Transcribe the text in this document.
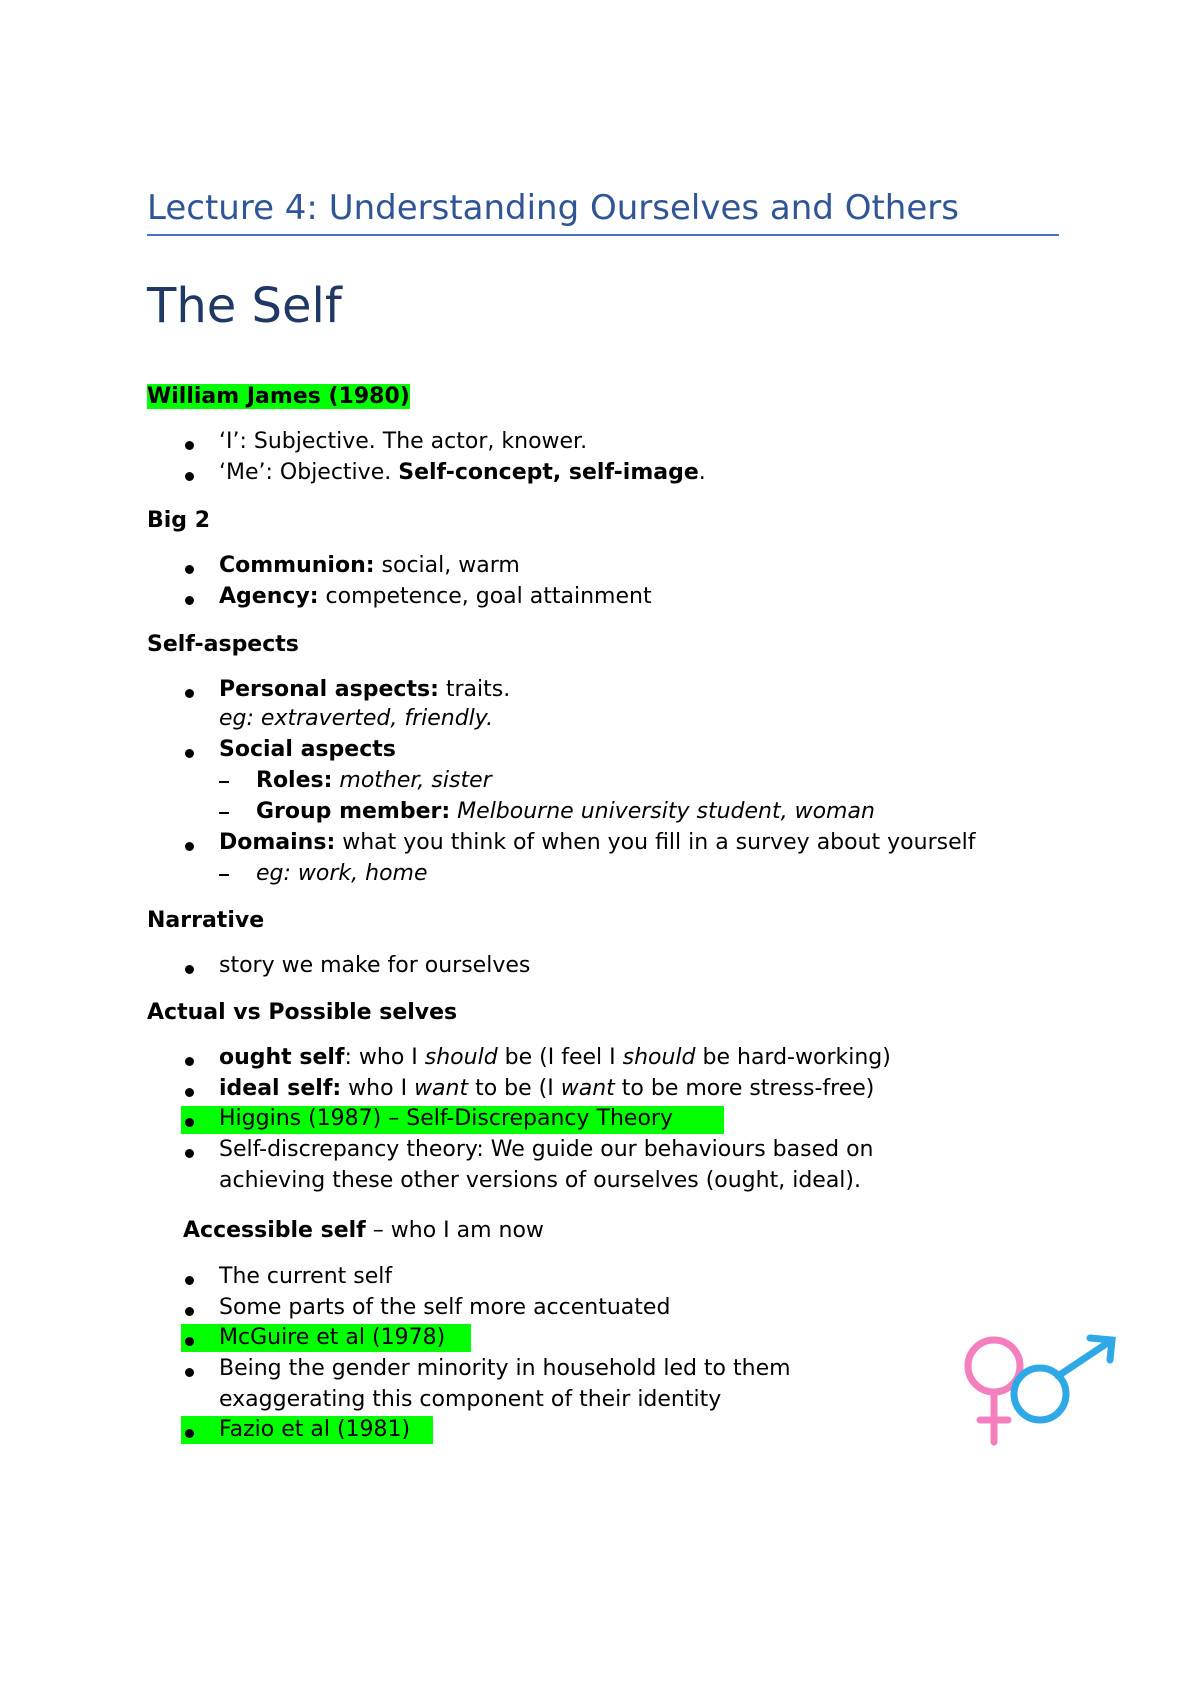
Lecture 4: Understanding Ourselves and Others
The Self
William James (1980)
‘I’: Subjective. The actor, knower.
‘Me’: Objective. Self-concept, self-image.
Big 2
Communion: social, warm
Agency: competence, goal attainment
Self-aspects
Personal aspects: traits.
eg: extraverted, friendly.
Social aspects
Roles: mother, sister
Group member: Melbourne university student, woman
Domains: what you think of when you fill in a survey about yourself
eg: work, home
Narrative
story we make for ourselves
Actual vs Possible selves
ought self: who I should be (I feel I should be hard-working)
ideal self: who I want to be (I want to be more stress-free)
Higgins (1987) – Self-Discrepancy Theory
Self-discrepancy theory: We guide our behaviours based on
achieving these other versions of ourselves (ought, ideal).
Accessible self – who I am now
The current self
Some parts of the self more accentuated
McGuire et al (1978)
Being the gender minority in household led to them
exaggerating this component of their identity
Fazio et al (1981)
